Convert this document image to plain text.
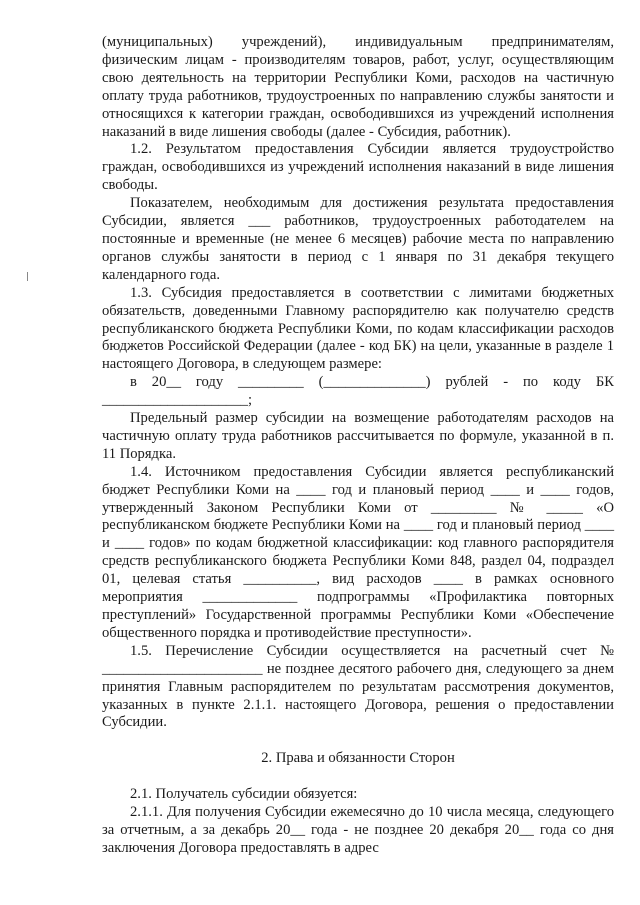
(муниципальных) учреждений), индивидуальным предпринимателям, физическим лицам - производителям товаров, работ, услуг, осуществляющим свою деятельность на территории Республики Коми, расходов на частичную оплату труда работников, трудоустроенных по направлению службы занятости и относящихся к категории граждан, освободившихся из учреждений исполнения наказаний в виде лишения свободы (далее - Субсидия, работник).

1.2. Результатом предоставления Субсидии является трудоустройство граждан, освободившихся из учреждений исполнения наказаний в виде лишения свободы.

Показателем, необходимым для достижения результата предоставления Субсидии, является ___ работников, трудоустроенных работодателем на постоянные и временные (не менее 6 месяцев) рабочие места по направлению органов службы занятости в период с 1 января по 31 декабря текущего календарного года.

1.3. Субсидия предоставляется в соответствии с лимитами бюджетных обязательств, доведенными Главному распорядителю как получателю средств республиканского бюджета Республики Коми, по кодам классификации расходов бюджетов Российской Федерации (далее - код БК) на цели, указанные в разделе 1 настоящего Договора, в следующем размере:

в 20__ году _________ (______________) рублей - по коду БК ____________________;

Предельный размер субсидии на возмещение работодателям расходов на частичную оплату труда работников рассчитывается по формуле, указанной в п. 11 Порядка.

1.4. Источником предоставления Субсидии является республиканский бюджет Республики Коми на ____ год и плановый период ____ и ____ годов, утвержденный Законом Республики Коми от _________ № _____ «О республиканском бюджете Республики Коми на ____ год и плановый период ____ и ____ годов» по кодам бюджетной классификации: код главного распорядителя средств республиканского бюджета Республики Коми 848, раздел 04, подраздел 01, целевая статья __________, вид расходов ____ в рамках основного мероприятия _____________ подпрограммы «Профилактика повторных преступлений» Государственной программы Республики Коми «Обеспечение общественного порядка и противодействие преступности».

1.5. Перечисление Субсидии осуществляется на расчетный счет № ______________________ не позднее десятого рабочего дня, следующего за днем принятия Главным распорядителем по результатам рассмотрения документов, указанных в пункте 2.1.1. настоящего Договора, решения о предоставлении Субсидии.

2. Права и обязанности Сторон

2.1. Получатель субсидии обязуется:

2.1.1. Для получения Субсидии ежемесячно до 10 числа месяца, следующего за отчетным, а за декабрь 20__ года - не позднее 20 декабря 20__ года со дня заключения Договора предоставлять в адрес
